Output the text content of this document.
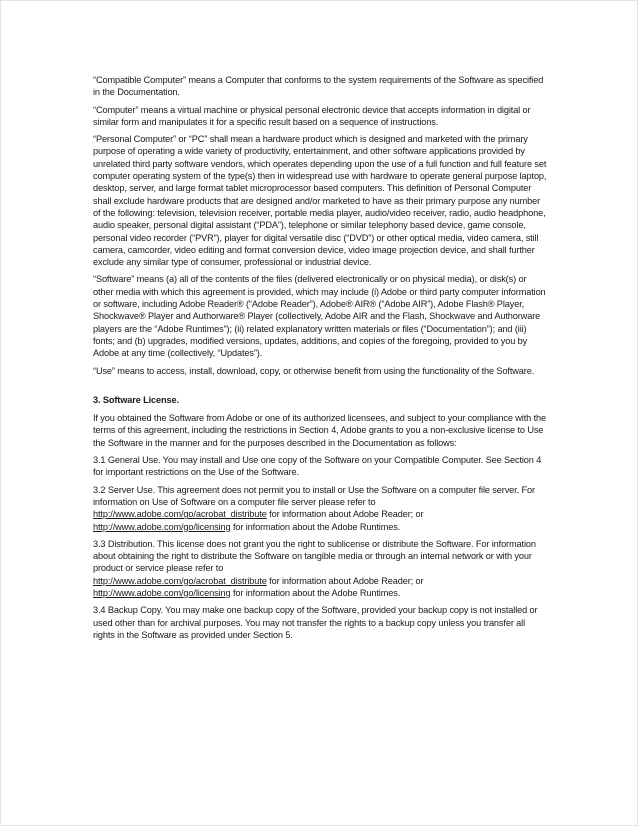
“Compatible Computer” means a Computer that conforms to the system requirements of the Software as specified in the Documentation.

“Computer” means a virtual machine or physical personal electronic device that accepts information in digital or similar form and manipulates it for a specific result based on a sequence of instructions.

“Personal Computer” or “PC” shall mean a hardware product which is designed and marketed with the primary purpose of operating a wide variety of productivity, entertainment, and other software applications provided by unrelated third party software vendors, which operates depending upon the use of a full function and full feature set computer operating system of the type(s) then in widespread use with hardware to operate general purpose laptop, desktop, server, and large format tablet microprocessor based computers. This definition of Personal Computer shall exclude hardware products that are designed and/or marketed to have as their primary purpose any number of the following: television, television receiver, portable media player, audio/video receiver, radio, audio headphone, audio speaker, personal digital assistant (“PDA”), telephone or similar telephony based device, game console, personal video recorder (“PVR”), player for digital versatile disc (“DVD”) or other optical media, video camera, still camera, camcorder, video editing and format conversion device, video image projection device, and shall further exclude any similar type of consumer, professional or industrial device.

“Software” means (a) all of the contents of the files (delivered electronically or on physical media), or disk(s) or other media with which this agreement is provided, which may include (i) Adobe or third party computer information or software, including Adobe Reader® (“Adobe Reader”), Adobe® AIR® (“Adobe AIR”), Adobe Flash® Player, Shockwave® Player and Authorware® Player (collectively, Adobe AIR and the Flash, Shockwave and Authorware players are the “Adobe Runtimes”); (ii) related explanatory written materials or files (“Documentation”); and (iii) fonts; and (b) upgrades, modified versions, updates, additions, and copies of the foregoing, provided to you by Adobe at any time (collectively, “Updates”).

“Use” means to access, install, download, copy, or otherwise benefit from using the functionality of the Software.

3. Software License.

If you obtained the Software from Adobe or one of its authorized licensees, and subject to your compliance with the terms of this agreement, including the restrictions in Section 4, Adobe grants to you a non-exclusive license to Use the Software in the manner and for the purposes described in the Documentation as follows:

3.1 General Use. You may install and Use one copy of the Software on your Compatible Computer. See Section 4 for important restrictions on the Use of the Software.

3.2 Server Use. This agreement does not permit you to install or Use the Software on a computer file server. For information on Use of Software on a computer file server please refer to
http://www.adobe.com/go/acrobat_distribute for information about Adobe Reader; or
http://www.adobe.com/go/licensing for information about the Adobe Runtimes.

3.3 Distribution. This license does not grant you the right to sublicense or distribute the Software. For information about obtaining the right to distribute the Software on tangible media or through an internal network or with your product or service please refer to
http://www.adobe.com/go/acrobat_distribute for information about Adobe Reader; or
http://www.adobe.com/go/licensing for information about the Adobe Runtimes.

3.4 Backup Copy. You may make one backup copy of the Software, provided your backup copy is not installed or used other than for archival purposes. You may not transfer the rights to a backup copy unless you transfer all rights in the Software as provided under Section 5.
